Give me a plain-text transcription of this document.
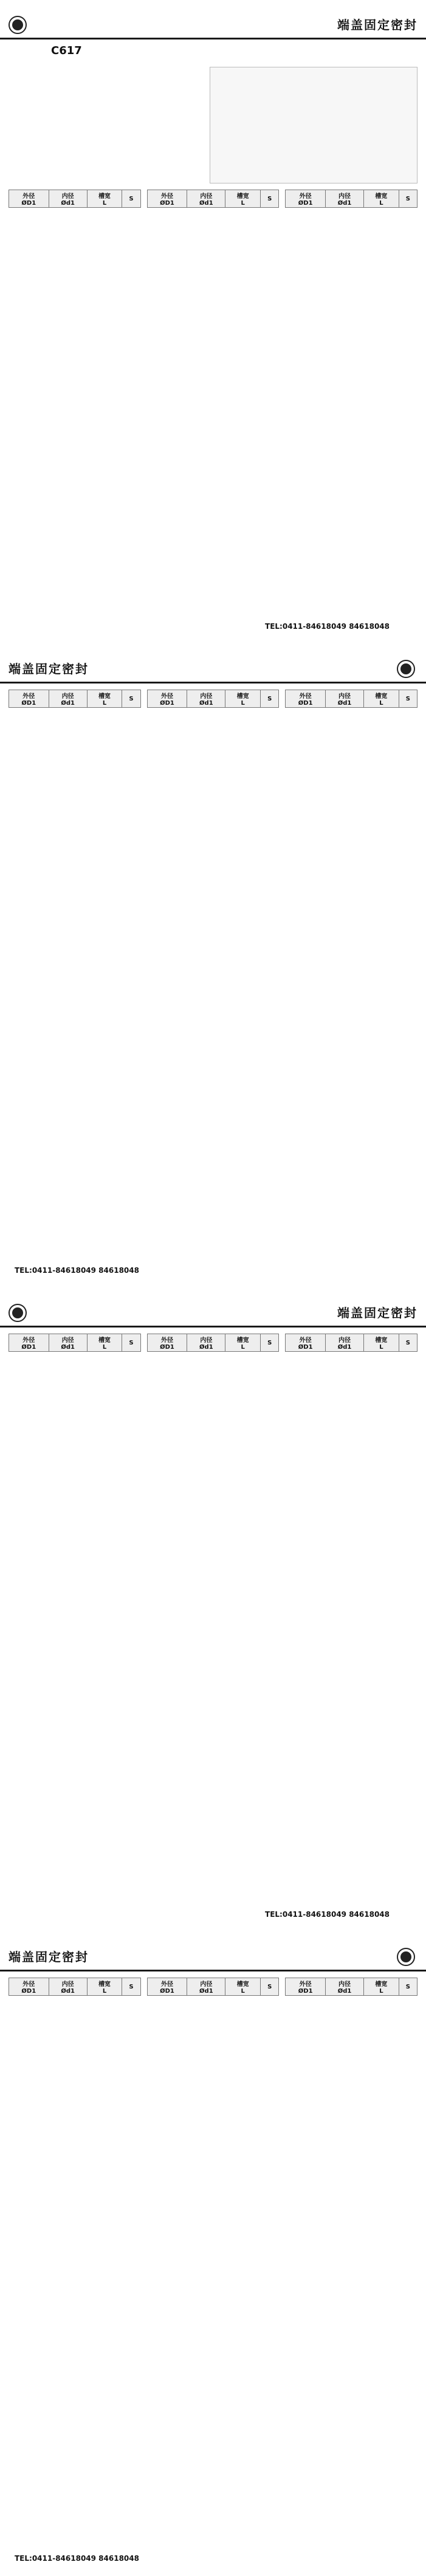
端盖固定密封
C617
外径
ØD1	内径
Ød1	槽宽
L	S	外径
ØD1	内径
Ød1	槽宽
L	S	外径
ØD1	内径
Ød1	槽宽
L	S
TEL:0411-84618049 84618048
端盖固定密封
外径
ØD1	内径
Ød1	槽宽
L	S	外径
ØD1	内径
Ød1	槽宽
L	S	外径
ØD1	内径
Ød1	槽宽
L	S
TEL:0411-84618049 84618048
端盖固定密封
外径
ØD1	内径
Ød1	槽宽
L	S	外径
ØD1	内径
Ød1	槽宽
L	S	外径
ØD1	内径
Ød1	槽宽
L	S
TEL:0411-84618049 84618048
端盖固定密封
外径
ØD1	内径
Ød1	槽宽
L	S	外径
ØD1	内径
Ød1	槽宽
L	S	外径
ØD1	内径
Ød1	槽宽
L	S
TEL:0411-84618049 84618048
